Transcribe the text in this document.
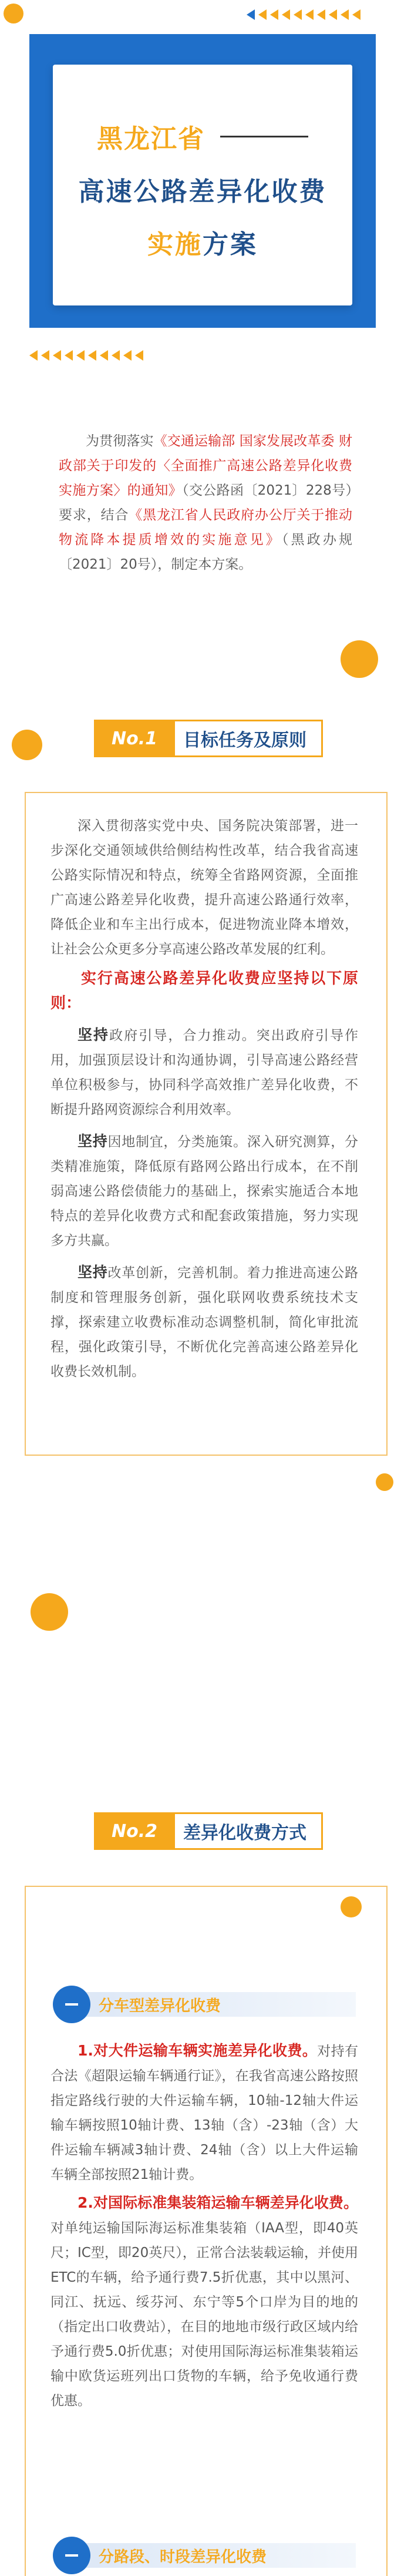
黑龙江省
高速公路差异化收费
实施方案
为贯彻落实《交通运输部 国家发展改革委 财政部关于印发的〈全面推广高速公路差异化收费实施方案〉的通知》（交公路函〔2021〕228号）要求，结合《黑龙江省人民政府办公厅关于推动物流降本提质增效的实施意见》（黑政办规〔2021〕20号），制定本方案。
No.1	目标任务及原则

深入贯彻落实党中央、国务院决策部署，进一步深化交通领域供给侧结构性改革，结合我省高速公路实际情况和特点，统筹全省路网资源，全面推广高速公路差异化收费，提升高速公路通行效率，降低企业和车主出行成本，促进物流业降本增效，让社会公众更多分享高速公路改革发展的红利。

实行高速公路差异化收费应坚持以下原则：

坚持政府引导，合力推动。突出政府引导作用，加强顶层设计和沟通协调，引导高速公路经营单位积极参与，协同科学高效推广差异化收费，不断提升路网资源综合利用效率。

坚持因地制宜，分类施策。深入研究测算，分类精准施策，降低原有路网公路出行成本，在不削弱高速公路偿债能力的基础上，探索实施适合本地特点的差异化收费方式和配套政策措施，努力实现多方共赢。

坚持改革创新，完善机制。着力推进高速公路制度和管理服务创新，强化联网收费系统技术支撑，探索建立收费标准动态调整机制，简化审批流程，强化政策引导，不断优化完善高速公路差异化收费长效机制。

No.2	差异化收费方式
分车型差异化收费

1.对大件运输车辆实施差异化收费。对持有合法《超限运输车辆通行证》，在我省高速公路按照指定路线行驶的大件运输车辆，10轴-12轴大件运输车辆按照10轴计费、13轴（含）-23轴（含）大件运输车辆减3轴计费、24轴（含）以上大件运输车辆全部按照21轴计费。

2.对国际标准集装箱运输车辆差异化收费。对单纯运输国际海运标准集装箱（IAA型，即40英尺；IC型，即20英尺），正常合法装载运输，并使用ETC的车辆，给予通行费7.5折优惠，其中以黑河、同江、抚远、绥芬河、东宁等5个口岸为目的地的（指定出口收费站），在目的地地市级行政区域内给予通行费5.0折优惠；对使用国际海运标准集装箱运输中欧货运班列出口货物的车辆，给予免收通行费优惠。

分路段、时段差异化收费
